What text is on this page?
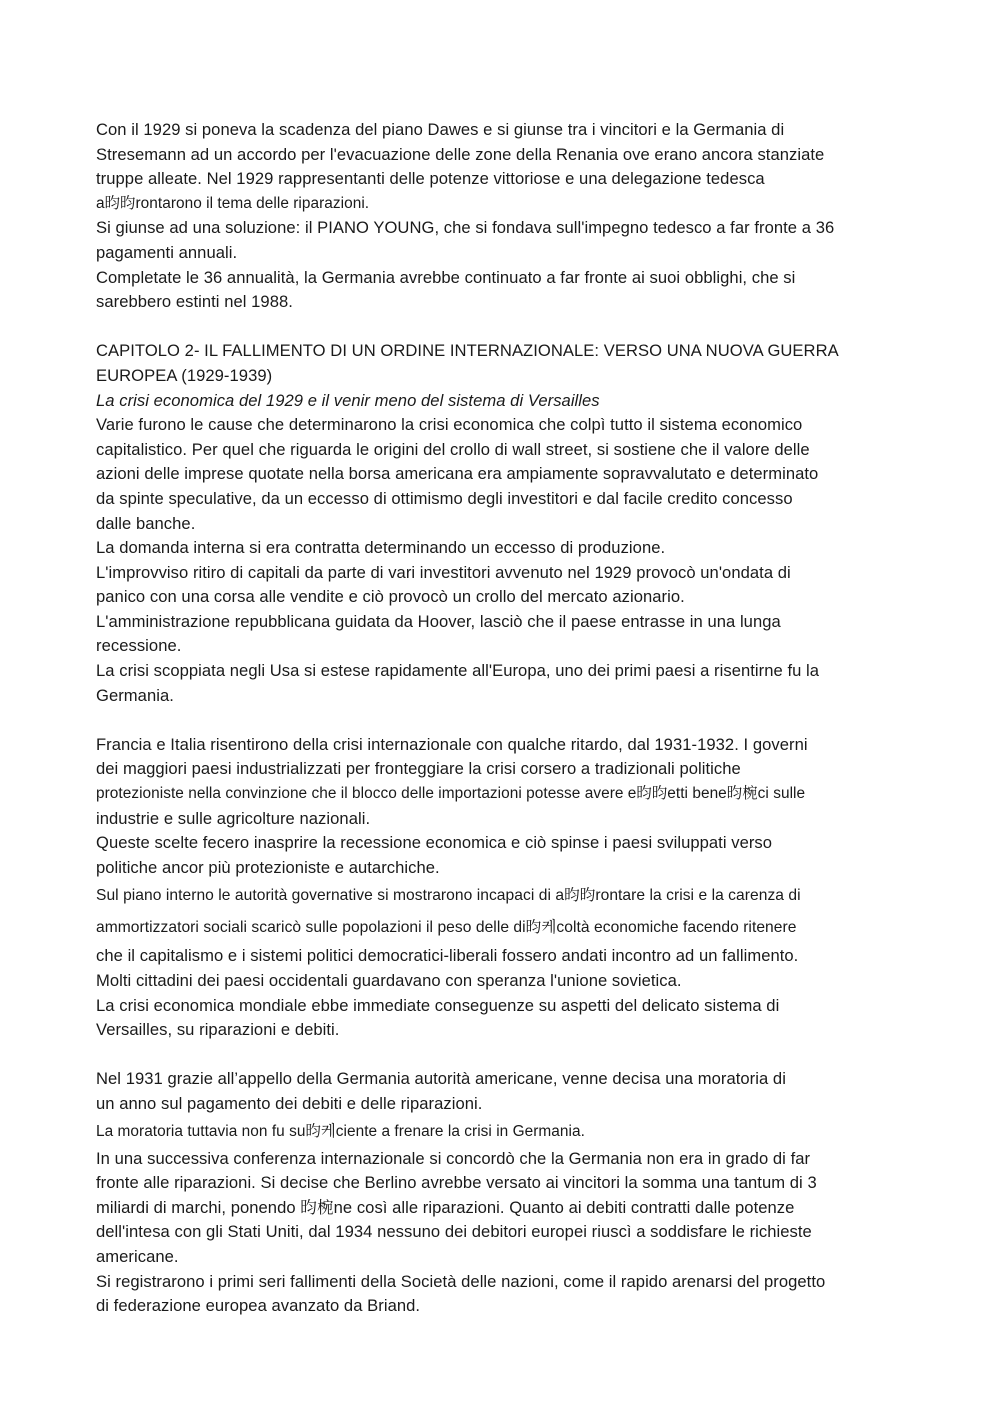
Con il 1929 si poneva la scadenza del piano Dawes e si giunse tra i vincitori e la Germania di
Stresemann ad un accordo per l'evacuazione delle zone della Renania ove erano ancora stanziate
truppe alleate. Nel 1929 rappresentanti delle potenze vittoriose e una delegazione tedesca
a昀昀rontarono il tema delle riparazioni.
Si giunse ad una soluzione: il PIANO YOUNG, che si fondava sull'impegno tedesco a far fronte a 36
pagamenti annuali.
Completate le 36 annualità, la Germania avrebbe continuato a far fronte ai suoi obblighi, che si
sarebbero estinti nel 1988.
CAPITOLO 2- IL FALLIMENTO DI UN ORDINE INTERNAZIONALE: VERSO UNA NUOVA GUERRA
EUROPEA (1929-1939)
La crisi economica del 1929 e il venir meno del sistema di Versailles
Varie furono le cause che determinarono la crisi economica che colpì tutto il sistema economico
capitalistico. Per quel che riguarda le origini del crollo di wall street, si sostiene che il valore delle
azioni delle imprese quotate nella borsa americana era ampiamente sopravvalutato e determinato
da spinte speculative, da un eccesso di ottimismo degli investitori e dal facile credito concesso
dalle banche.
La domanda interna si era contratta determinando un eccesso di produzione.
L'improvviso ritiro di capitali da parte di vari investitori avvenuto nel 1929 provocò un'ondata di
panico con una corsa alle vendite e ciò provocò un crollo del mercato azionario.
L'amministrazione repubblicana guidata da Hoover, lasciò che il paese entrasse in una lunga
recessione.
La crisi scoppiata negli Usa si estese rapidamente all'Europa, uno dei primi paesi a risentirne fu la
Germania.
Francia e Italia risentirono della crisi internazionale con qualche ritardo, dal 1931-1932. I governi
dei maggiori paesi industrializzati per fronteggiare la crisi corsero a tradizionali politiche
protezioniste nella convinzione che il blocco delle importazioni potesse avere e昀昀etti bene昀椀ci sulle
industrie e sulle agricolture nazionali.
Queste scelte fecero inasprire la recessione economica e ciò spinse i paesi sviluppati verso
politiche ancor più protezioniste e autarchiche.
Sul piano interno le autorità governative si mostrarono incapaci di a昀昀rontare la crisi e la carenza di
ammortizzatori sociali scaricò sulle popolazioni il peso delle di昀케coltà economiche facendo ritenere
che il capitalismo e i sistemi politici democratici-liberali fossero andati incontro ad un fallimento.
Molti cittadini dei paesi occidentali guardavano con speranza l'unione sovietica.
La crisi economica mondiale ebbe immediate conseguenze su aspetti del delicato sistema di
Versailles, su riparazioni e debiti.
Nel 1931 grazie all’appello della Germania autorità americane, venne decisa una moratoria di
un anno sul pagamento dei debiti e delle riparazioni.
La moratoria tuttavia non fu su昀케ciente a frenare la crisi in Germania.
In una successiva conferenza internazionale si concordò che la Germania non era in grado di far
fronte alle riparazioni. Si decise che Berlino avrebbe versato ai vincitori la somma una tantum di 3
miliardi di marchi, ponendo 昀椀ne così alle riparazioni. Quanto ai debiti contratti dalle potenze
dell'intesa con gli Stati Uniti, dal 1934 nessuno dei debitori europei riuscì a soddisfare le richieste
americane.
Si registrarono i primi seri fallimenti della Società delle nazioni, come il rapido arenarsi del progetto
di federazione europea avanzato da Briand.
